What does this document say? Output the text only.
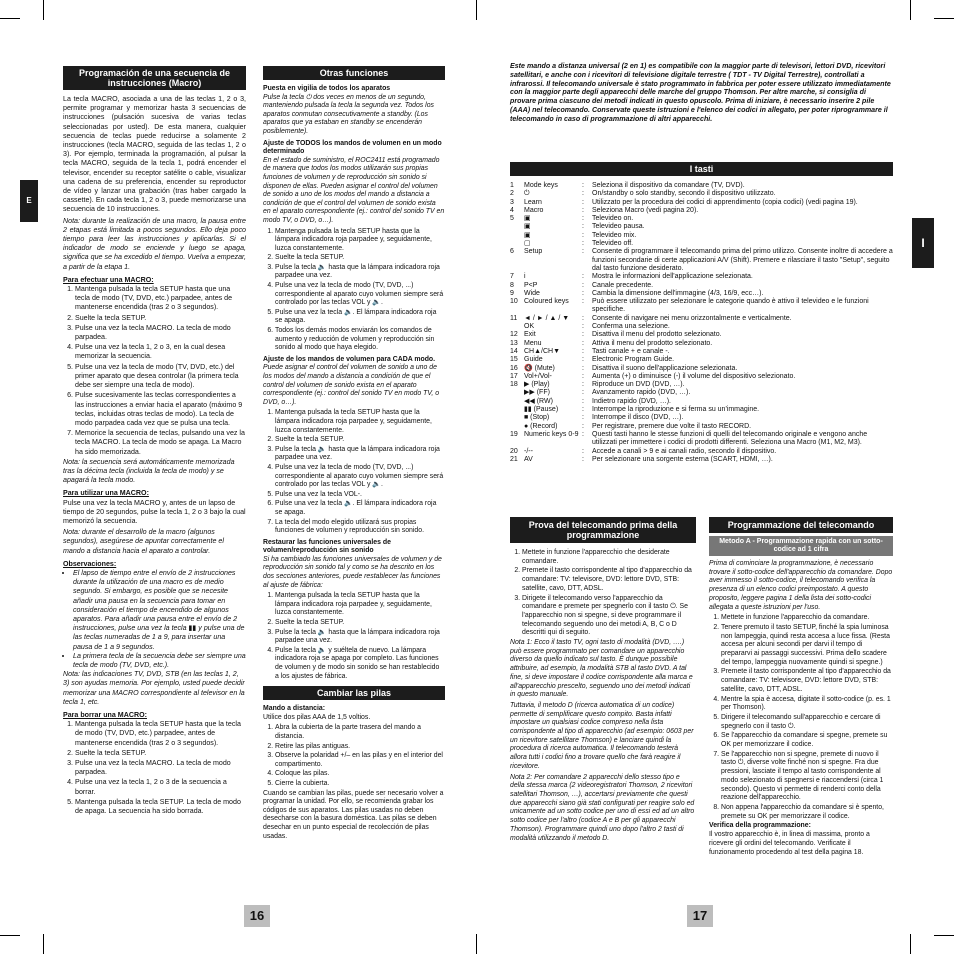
E
I
16	17
Programación de una secuencia de instrucciones (Macro)

La tecla MACRO, asociada a una de las teclas 1, 2 o 3, permite programar y memorizar hasta 3 secuencias de instrucciones (pulsación sucesiva de varias teclas seleccionadas por usted). De esta manera, cualquier secuencia de teclas puede reducirse a solamente 2 instrucciones (tecla MACRO, seguida de las teclas 1, 2 o 3). Por ejemplo, terminada la programación, al pulsar la tecla MACRO, seguida de la tecla 1, podrá encender el televisor, encender su receptor satélite o cable, visualizar una cadena de su preferencia, encender su reproductor de vídeo y lanzar una grabación (tras haber cargado la cassette). En cada tecla 1, 2 o 3, puede memorizarse una secuencia de 10 instrucciones.

Nota: durante la realización de una macro, la pausa entre 2 etapas está limitada a pocos segundos. Ello deja poco tiempo para leer las instrucciones y aplicarlas. Si el indicador de modo se enciende y luego se apaga, significa que se ha excedido el tiempo. Vuelva a empezar, a partir de la etapa 1.

Para efectuar una MACRO:
1. Mantenga pulsada la tecla SETUP hasta que una tecla de modo (TV, DVD, etc.) parpadee, antes de mantenerse encendida (tras 2 o 3 segundos).
2. Suelte la tecla SETUP.
3. Pulse una vez la tecla MACRO. La tecla de modo parpadea.
4. Pulse una vez la tecla 1, 2 o 3, en la cual desea memorizar la secuencia.
5. Pulse una vez la tecla de modo (TV, DVD, etc.) del primer aparato que desea controlar (la primera tecla debe ser siempre una tecla de modo).
6. Pulse sucesivamente las teclas correspondientes a las instrucciones a enviar hacia el aparato (máximo 9 teclas, incluidas otras teclas de modo). La tecla de modo parpadea cada vez que se pulsa una tecla.
7. Memorice la secuencia de teclas, pulsando una vez la tecla MACRO. La tecla de modo se apaga. La Macro ha sido memorizada.

Nota: la secuencia será automáticamente memorizada tras la décima tecla (incluida la tecla de modo) y se apagará la tecla modo.

Para utilizar una MACRO:

Pulse una vez la tecla MACRO y, antes de un lapso de tiempo de 20 segundos, pulse la tecla 1, 2 o 3 bajo la cual memorizó la secuencia.

Nota: durante el desarrollo de la macro (algunos segundos), asegúrese de apuntar correctamente el mando a distancia hacia el aparato a controlar.

Observaciones:
• El lapso de tiempo entre el envío de 2 instrucciones durante la utilización de una macro es de medio segundo. Si embargo, es posible que se necesite añadir una pausa en la secuencia para tomar en consideración el tiempo de encendido de algunos aparatos. Para añadir una pausa entre el envío de 2 instrucciones, pulse una vez la tecla ▮▮ y pulse una de las teclas numeradas de 1 a 9, para insertar una pausa de 1 a 9 segundos.
• La primera tecla de la secuencia debe ser siempre una tecla de modo (TV, DVD, etc.).

Nota: las indicaciones TV, DVD, STB (en las teclas 1, 2, 3) son ayudas memoria. Por ejemplo, usted puede decidir memorizar una MACRO correspondiente al televisor en la tecla 1, etc.

Para borrar una MACRO:
1. Mantenga pulsada la tecla SETUP hasta que la tecla de modo (TV, DVD, etc.) parpadee, antes de mantenerse encendida (tras 2 o 3 segundos).
2. Suelte la tecla SETUP.
3. Pulse una vez la tecla MACRO. La tecla de modo parpadea.
4. Pulse una vez la tecla 1, 2 o 3 de la secuencia a borrar.
5. Mantenga pulsada la tecla SETUP. La tecla de modo de apaga. La secuencia ha sido borrada.
Otras funciones
Puesta en vigilia de todos los aparatos

Pulse la tecla ⏻ dos veces en menos de un segundo, manteniendo pulsada la tecla la segunda vez. Todos los aparatos conmutan consecutivamente a standby. (Los aparatos que ya estaban en standby se encenderán posiblemente).

Ajuste de TODOS los mandos de volumen en un modo determinado

En el estado de suministro, el ROC2411 está programado de manera que todos los modos utilizarán sus propias funciones de volumen y de reproducción sin sonido si disponen de ellas. Pueden asignar el control del volumen de sonido a uno de los modos del mando a distancia a condición de que el control del volumen de sonido exista en el aparato correspondiente (ej.: control del sonido TV en modo TV, o DVD, o…).

1. Mantenga pulsada la tecla SETUP hasta que la lámpara indicadora roja parpadee y, seguidamente, luzca constantemente.
2. Suelte la tecla SETUP.
3. Pulse la tecla 🔈 hasta que la lámpara indicadora roja parpadee una vez.
4. Pulse una vez la tecla de modo (TV, DVD, ...) correspondiente al aparato cuyo volumen siempre será controlado por las teclas VOL y 🔈.
5. Pulse una vez la tecla 🔈. El lámpara indicadora roja se apaga.
6. Todos los demás modos enviarán los comandos de aumento y reducción de volumen y reproducción sin sonido al modo que haya elegido.
Ajuste de los mandos de volumen para CADA modo.

Puede asignar el control del volumen de sonido a uno de los modos del mando a distancia a condición de que el control del volumen de sonido exista en el aparato correspondiente (ej.: control del sonido TV en modo TV, o DVD, o…).

1. Mantenga pulsada la tecla SETUP hasta que la lámpara indicadora roja parpadee y, seguidamente, luzca constantemente.
2. Suelte la tecla SETUP.
3. Pulse la tecla 🔈 hasta que la lámpara indicadora roja parpadee una vez.
4. Pulse una vez la tecla de modo (TV, DVD, ...) correspondiente al aparato cuyo volumen siempre será controlado por las teclas VOL y 🔈.
5. Pulse una vez la tecla VOL-.
6. Pulse una vez la tecla 🔈. El lámpara indicadora roja se apaga.
7. La tecla del modo elegido utilizará sus propias funciones de volumen y reproducción sin sonido.
Restaurar las funciones universales de volumen/reproducción sin sonido

Si ha cambiado las funciones universales de volumen y de reproducción sin sonido tal y como se ha descrito en los dos secciones anteriores, puede restablecer las funciones al ajuste de fábrica:

1. Mantenga pulsada la tecla SETUP hasta que la lámpara indicadora roja parpadee y, seguidamente, luzca constantemente.
2. Suelte la tecla SETUP.
3. Pulse la tecla 🔈 hasta que la lámpara indicadora roja parpadee una vez.
4. Pulse la tecla 🔈 y suéltela de nuevo. La lámpara indicadora roja se apaga por completo. Las funciones de volumen y de modo sin sonido se han restablecido a los ajustes de fábrica.
Cambiar las pilas
Mando a distancia:

Utilice dos pilas AAA de 1,5 voltios.

1. Abra la cubierta de la parte trasera del mando a distancia.
2. Retire las pilas antiguas.
3. Observe la polaridad +/– en las pilas y en el interior del compartimento.
4. Coloque las pilas.
5. Cierre la cubierta.

Cuando se cambian las pilas, puede ser necesario volver a programar la unidad. Por ello, se recomienda grabar los códigos de sus aparatos. Las pilas usadas no deben desecharse con la basura doméstica. Las pilas se deben desechar en un punto especial de recolección de pilas usadas.

Este mando a distanza universal (2 en 1) es compatibile con la maggior parte di televisori, lettori DVD, ricevitori satellitari, e anche con i ricevitori di televisione digitale terrestre ( TDT - TV Digital Terrestre), controllati a infrarossi. Il telecomando universale è stato programmato in fabbrica per poter essere utilizzato immediatamente con la maggior parte degli apparecchi delle marche del gruppo Thomson. Per altre marche, si consiglia di provare prima ciascuno dei metodi indicati in questo opuscolo. Prima di iniziare, è necessario inserire 2 pile (AAA) nel telecomando. Conservate queste istruzioni e l'elenco dei codici in allegato, per poter riprogrammare il telecomando in caso di programmazione di altri apparecchi.

I tasti
1	Mode keys	:	Seleziona il dispositivo da comandare (TV, DVD).
2	⏻	:	On/standby o solo standby, secondo il dispositivo utilizzato.
3	Learn	:	Utilizzato per la procedura dei codici di apprendimento (copia codici) (vedi pagina 19).
4	Macro	:	Seleziona Macro (vedi pagina 20).
5	▣	:	Televideo on.
	▣	:	Televideo pausa.
	▣	:	Televideo mix.
	▢	:	Televideo off.
6	Setup	:	Consente di programmare il telecomando prima del primo utilizzo. Consente inoltre di accedere a funzioni secondarie di certe applicazioni A/V (Shift). Premere e rilasciare il tasto "Setup", seguito dal tasto funzione desiderato.
7	i	:	Mostra le informazioni dell'applicazione selezionata.
8	P<P	:	Canale precedente.
9	Wide	:	Cambia la dimensione dell'immagine (4/3, 16/9, ecc…).
10	Coloured keys	:	Può essere utilizzato per selezionare le categorie quando è attivo il televideo e le funzioni specifiche.
11	◄ / ► / ▲ / ▼	:	Consente di navigare nei menu orizzontalmente e verticalmente.
	OK	:	Conferma una selezione.
12	Exit	:	Disattiva il menu del prodotto selezionato.
13	Menu	:	Attiva il menu del prodotto selezionato.
14	CH▲/CH▼	:	Tasti canale + e canale -.
15	Guide	:	Electronic Program Guide.
16	🔇 (Mute)	:	Disattiva il suono dell'applicazione selezionata.
17	Vol+/Vol-	:	Aumenta (+) o diminuisce (-) il volume del dispositivo selezionato.
18	▶ (Play)	:	Riproduce un DVD (DVD, …).
	▶▶ (FF)	:	Avanzamento rapido (DVD, …).
	◀◀ (RW)	:	Indietro rapido (DVD, …).
	▮▮ (Pause)	:	Interrompe la riproduzione e si ferma su un'immagine.
	■ (Stop)	:	Interrompe il disco (DVD, …).
	● (Record)	:	Per registrare, premere due volte il tasto RECORD.
19	Numeric keys 0-9	:	Questi tasti hanno le stesse funzioni di quelli del telecomando originale e vengono anche utilizzati per immettere i codici di prodotti differenti. Seleziona una Macro (M1, M2, M3).
20	-/--	:	Accede a canali > 9 e ai canali radio, secondo il dispositivo.
21	AV	:	Per selezionare una sorgente esterna (SCART, HDMI, …).
Prova del telecomando prima della programmazione
1. Mettete in funzione l'apparecchio che desiderate comandare.
2. Premete il tasto corrispondente al tipo d'apparecchio da comandare: TV: televisore, DVD: lettore DVD, STB: satellite, cavo, DTT, ADSL.
3. Dirigete il telecomando verso l'apparecchio da comandare e premete per spegnerlo con il tasto ⏻. Se l'apparecchio non si spegne, si deve programmare il telecomando seguendo uno dei metodi A, B, C o D descritti qui di seguito.

Nota 1: Ecco il tasto TV, ogni tasto di modalità (DVD, ….) può essere programmato per comandare un apparecchio diverso da quello indicato sul tasto. È dunque possibile attribuire, ad esempio, la modalità STB al tasto DVD. A tal fine, si deve impostare il codice corrispondente alla marca e all'apparecchio prescelto, seguendo uno dei metodi indicati in questo manuale.

Tuttavia, il metodo D (ricerca automatica di un codice) permette di semplificare questo compito. Basta infatti impostare un qualsiasi codice compreso nella lista corrispondente al tipo di apparecchio (ad esempio: 0603 per un ricevitore satellitare Thomson) e lanciare quindi la procedura di ricerca automatica. Il telecomando testerà allora tutti i codici fino a trovare quello che farà reagire il ricevitore.

Nota 2: Per comandare 2 apparecchi dello stesso tipo e della stessa marca (2 videoregistratori Thomson, 2 ricevitori satellitari Thomson, …), accertarsi previamente che questi due apparecchi siano già stati configurati per reagire solo ed unicamente ad un sotto codice per uno di essi ed ad un altro sotto codice per l'altro (codice A e B per gli apparecchi Thomson). Programmare quindi uno dopo l'altro 2 tasti di modalità utilizzando il metodo D.

Programmazione del telecomando
Metodo A - Programmazione rapida con un sotto-codice ad 1 cifra

Prima di cominciare la programmazione, è necessario trovare il sotto-codice dell'apparecchio da comandare. Dopo aver immesso il sotto-codice, il telecomando verifica la presenza di un elenco codici preimpostato. A questo proposito, leggere pagina 1 della lista dei sotto-codici allegata a queste istruzioni per l'uso.

1. Mettete in funzione l'apparecchio da comandare.
2. Tenere premuto il tasto SETUP, finché la spia luminosa non lampeggia, quindi resta accesa a luce fissa. (Resta accesa per alcuni secondi per darvi il tempo di prepararvi ai passaggi successivi. Prima dello scadere del tempo, lampeggia nuovamente quindi si spegne.)
3. Premete il tasto corrispondente al tipo d'apparecchio da comandare: TV: televisore, DVD: lettore DVD, STB: satellite, cavo, DTT, ADSL.
4. Mentre la spia è accesa, digitate il sotto-codice (p. es. 1 per Thomson).
5. Dirigere il telecomando sull'apparecchio e cercare di spegnerlo con il tasto ⏻.
6. Se l'apparecchio da comandare si spegne, premete su OK per memorizzare il codice.
7. Se l'apparecchio non si spegne, premete di nuovo il tasto ⏻, diverse volte finché non si spegne. Fra due pressioni, lasciate il tempo al tasto corrispondente al modo selezionato di spegnersi e riaccendersi (circa 1 secondo). Questo vi permette di renderci conto della reazione dell'apparecchio.
8. Non appena l'apparecchio da comandare si è spento, premete su OK per memorizzare il codice.
Verifica della programmazione:

Il vostro apparecchio è, in linea di massima, pronto a ricevere gli ordini del telecomando. Verificate il funzionamento procedendo al test della pagina 18.
